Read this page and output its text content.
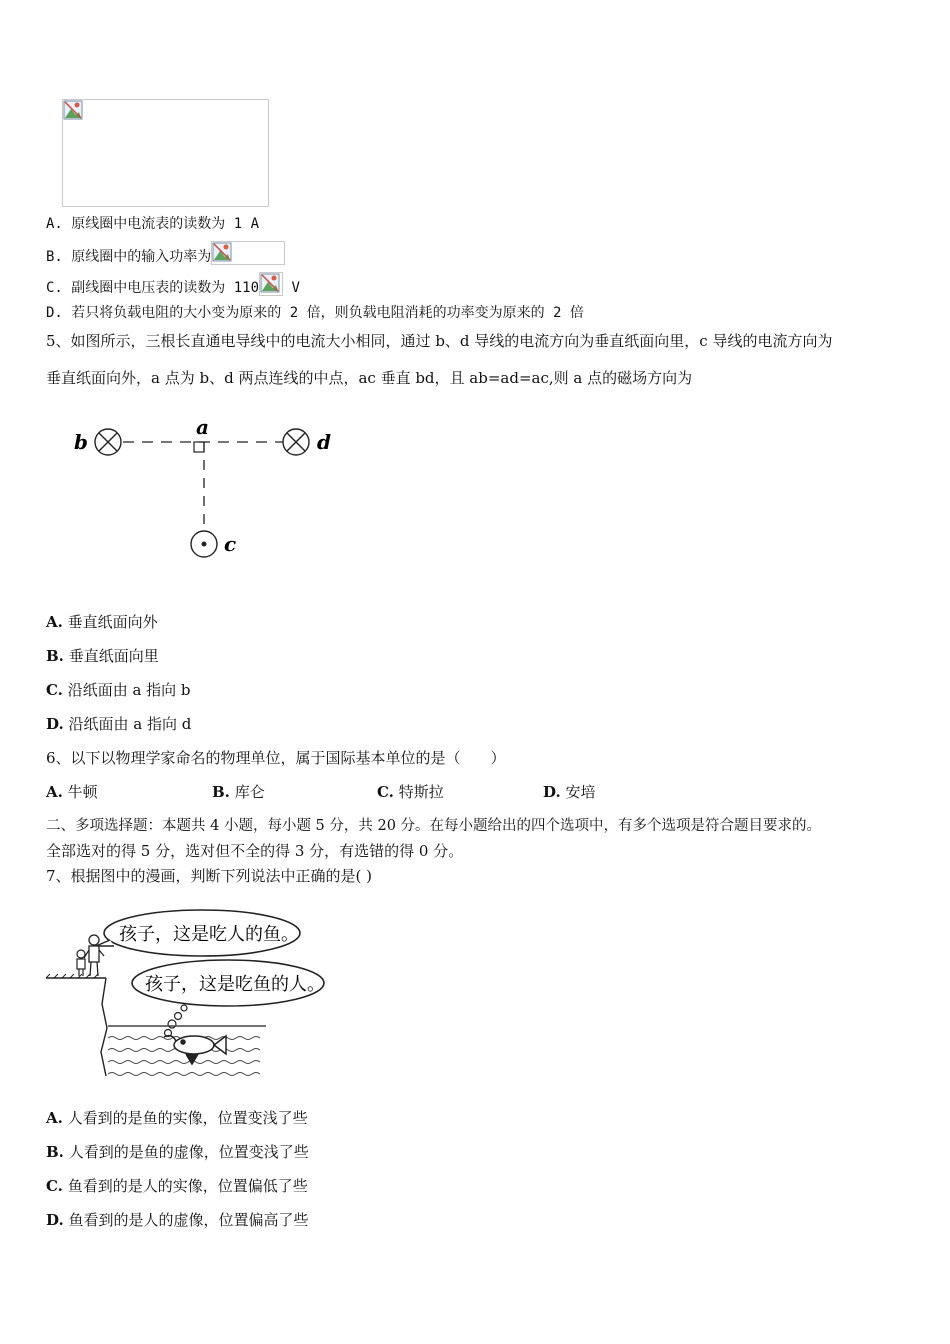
A. 原线圈中电流表的读数为 1 A
B. 原线圈中的输入功率为
C. 副线圈中电压表的读数为 110 V
D. 若只将负载电阻的大小变为原来的 2 倍，则负载电阻消耗的功率变为原来的 2 倍
5、如图所示，三根长直通电导线中的电流大小相同，通过 b、d 导线的电流方向为垂直纸面向里，c 导线的电流方向为
垂直纸面向外，a 点为 b、d 两点连线的中点，ac 垂直 bd，且 ab=ad=ac,则 a 点的磁场方向为
b
a
d
c
A. 垂直纸面向外
B. 垂直纸面向里
C. 沿纸面由 a 指向 b
D. 沿纸面由 a 指向 d
6、以下以物理学家命名的物理单位，属于国际基本单位的是（　　）
A. 牛顿	B. 库仑	C. 特斯拉	D. 安培
二、多项选择题：本题共 4 小题，每小题 5 分，共 20 分。在每小题给出的四个选项中，有多个选项是符合题目要求的。
全部选对的得 5 分，选对但不全的得 3 分，有选错的得 0 分。
7、根据图中的漫画，判断下列说法中正确的是( )
孩子，这是吃人的鱼。
孩子，这是吃鱼的人。
A. 人看到的是鱼的实像，位置变浅了些
B. 人看到的是鱼的虚像，位置变浅了些
C. 鱼看到的是人的实像，位置偏低了些
D. 鱼看到的是人的虚像，位置偏高了些
